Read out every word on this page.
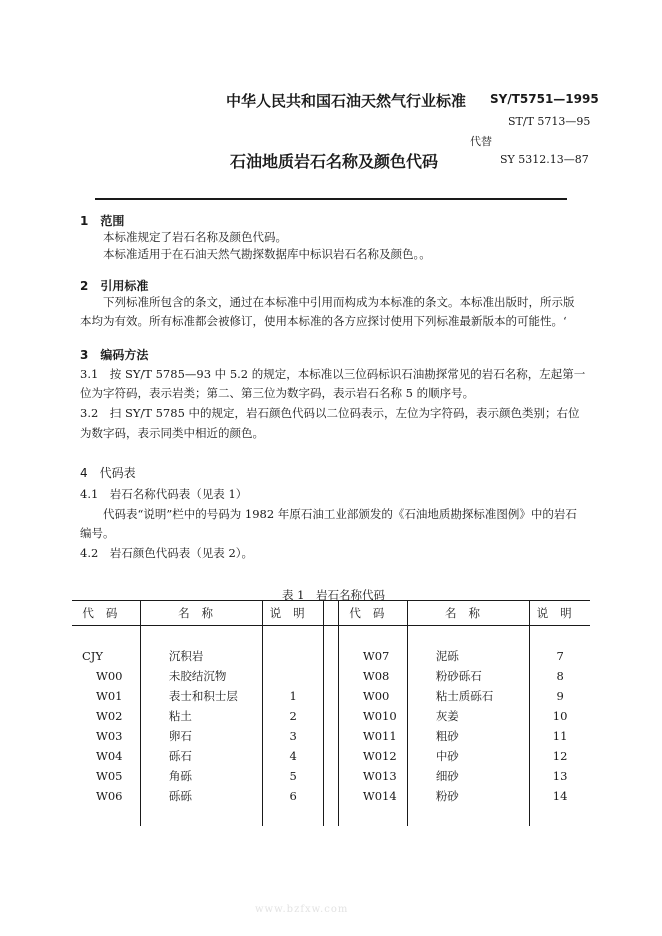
中华人民共和国石油天然气行业标准 SY/T5751—1995
ST/T 5713—95
代替
石油地质岩石名称及颜色代码	SY 5312.13—87
1　范围
本标准规定了岩石名称及颜色代码。
本标准适用于在石油天然气勘探数据库中标识岩石名称及颜色。。
2　引用标准
下列标准所包含的条文，通过在本标准中引用而构成为本标准的条文。本标准出版时，所示版
本均为有效。所有标准都会被修订，使用本标准的各方应探讨使用下列标准最新版本的可能性。‘
3　编码方法
3.1　按 SY/T 5785—93 中 5.2 的规定，本标准以三位码标识石油勘探常见的岩石名称，左起第一
位为字符码，表示岩类；第二、第三位为数字码，表示岩石名称 5 的顺序号。
3.2　扫 SY/T 5785 中的规定，岩石颜色代码以二位码表示，左位为字符码，表示颜色类别；右位
为数字码，表示同类中相近的颜色。
4　代码表
4.1　岩石名称代码表（见表 1）
代码表“说明”栏中的号码为 1982 年原石油工业部颁发的《石油地质勘探标准图例》中的岩石
编号。
4.2　岩石颜色代码表（见表 2）。
表 1　岩石名称代码
代码	名称	说明		代码	名称	说明

CJY	沉积岩			W07	泥砾	7
W00	未胶结沉物			W08	粉砂砾石	8
W01	表士和积士层	1		W00	粘士质砾石	9
W02	粘土	2		W010	灰姜	10
W03	卵石	3		W011	粗砂	11
W04	砾石	4		W012	中砂	12
W05	角砾	5		W013	细砂	13
W06	砾砾	6		W014	粉砂	14

www.bzfxw.com
